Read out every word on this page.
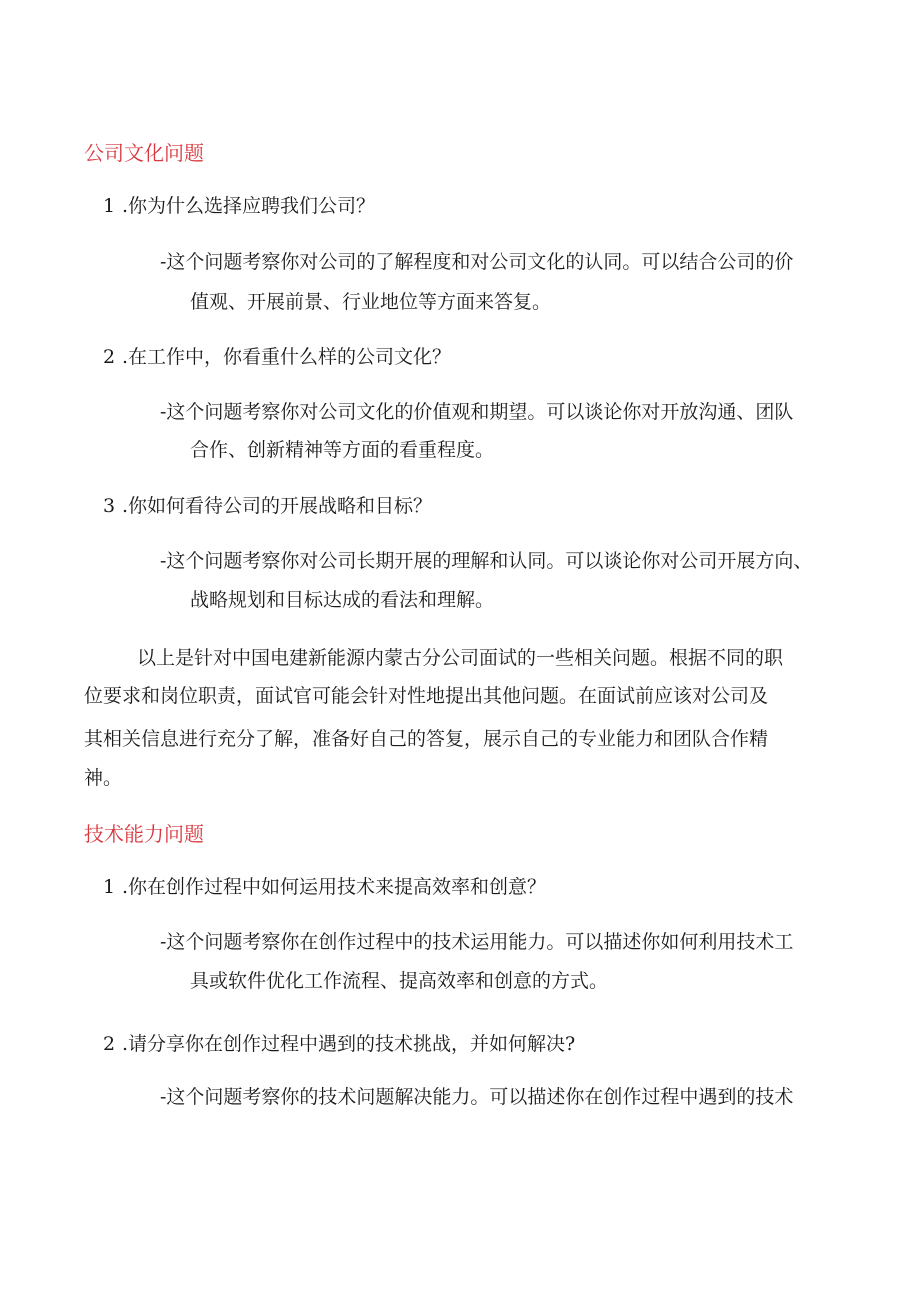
公司文化问题
1 .你为什么选择应聘我们公司？
-这个问题考察你对公司的了解程度和对公司文化的认同。可以结合公司的价
值观、开展前景、行业地位等方面来答复。
2 .在工作中，你看重什么样的公司文化？
-这个问题考察你对公司文化的价值观和期望。可以谈论你对开放沟通、团队
合作、创新精神等方面的看重程度。
3 .你如何看待公司的开展战略和目标？
-这个问题考察你对公司长期开展的理解和认同。可以谈论你对公司开展方向、
战略规划和目标达成的看法和理解。
以上是针对中国电建新能源内蒙古分公司面试的一些相关问题。根据不同的职
位要求和岗位职责，面试官可能会针对性地提出其他问题。在面试前应该对公司及
其相关信息进行充分了解，准备好自己的答复，展示自己的专业能力和团队合作精
神。
技术能力问题
1 .你在创作过程中如何运用技术来提高效率和创意？
-这个问题考察你在创作过程中的技术运用能力。可以描述你如何利用技术工
具或软件优化工作流程、提高效率和创意的方式。
2 .请分享你在创作过程中遇到的技术挑战，并如何解决?
-这个问题考察你的技术问题解决能力。可以描述你在创作过程中遇到的技术
